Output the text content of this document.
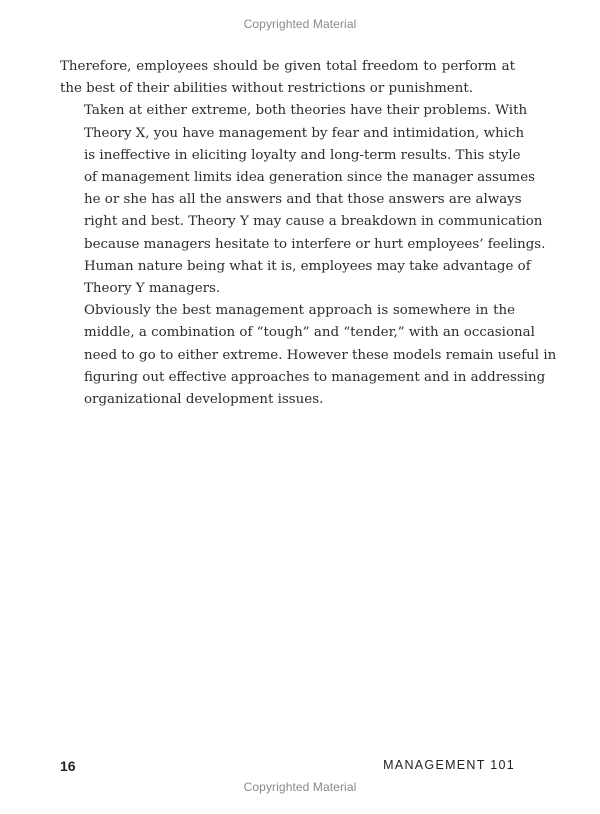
Copyrighted Material

Therefore, employees should be given total freedom to perform at
the best of their abilities without restrictions or punishment.

Taken at either extreme, both theories have their problems. With
Theory X, you have management by fear and intimidation, which
is ineffective in eliciting loyalty and long-term results. This style
of management limits idea generation since the manager assumes
he or she has all the answers and that those answers are always
right and best. Theory Y may cause a breakdown in communication
because managers hesitate to interfere or hurt employees’ feelings.
Human nature being what it is, employees may take advantage of
Theory Y managers.

Obviously the best management approach is somewhere in the
middle, a combination of “tough” and “tender,” with an occasional
need to go to either extreme. However these models remain useful in
figuring out effective approaches to management and in addressing
organizational development issues.

16	MANAGEMENT 101
Copyrighted Material
